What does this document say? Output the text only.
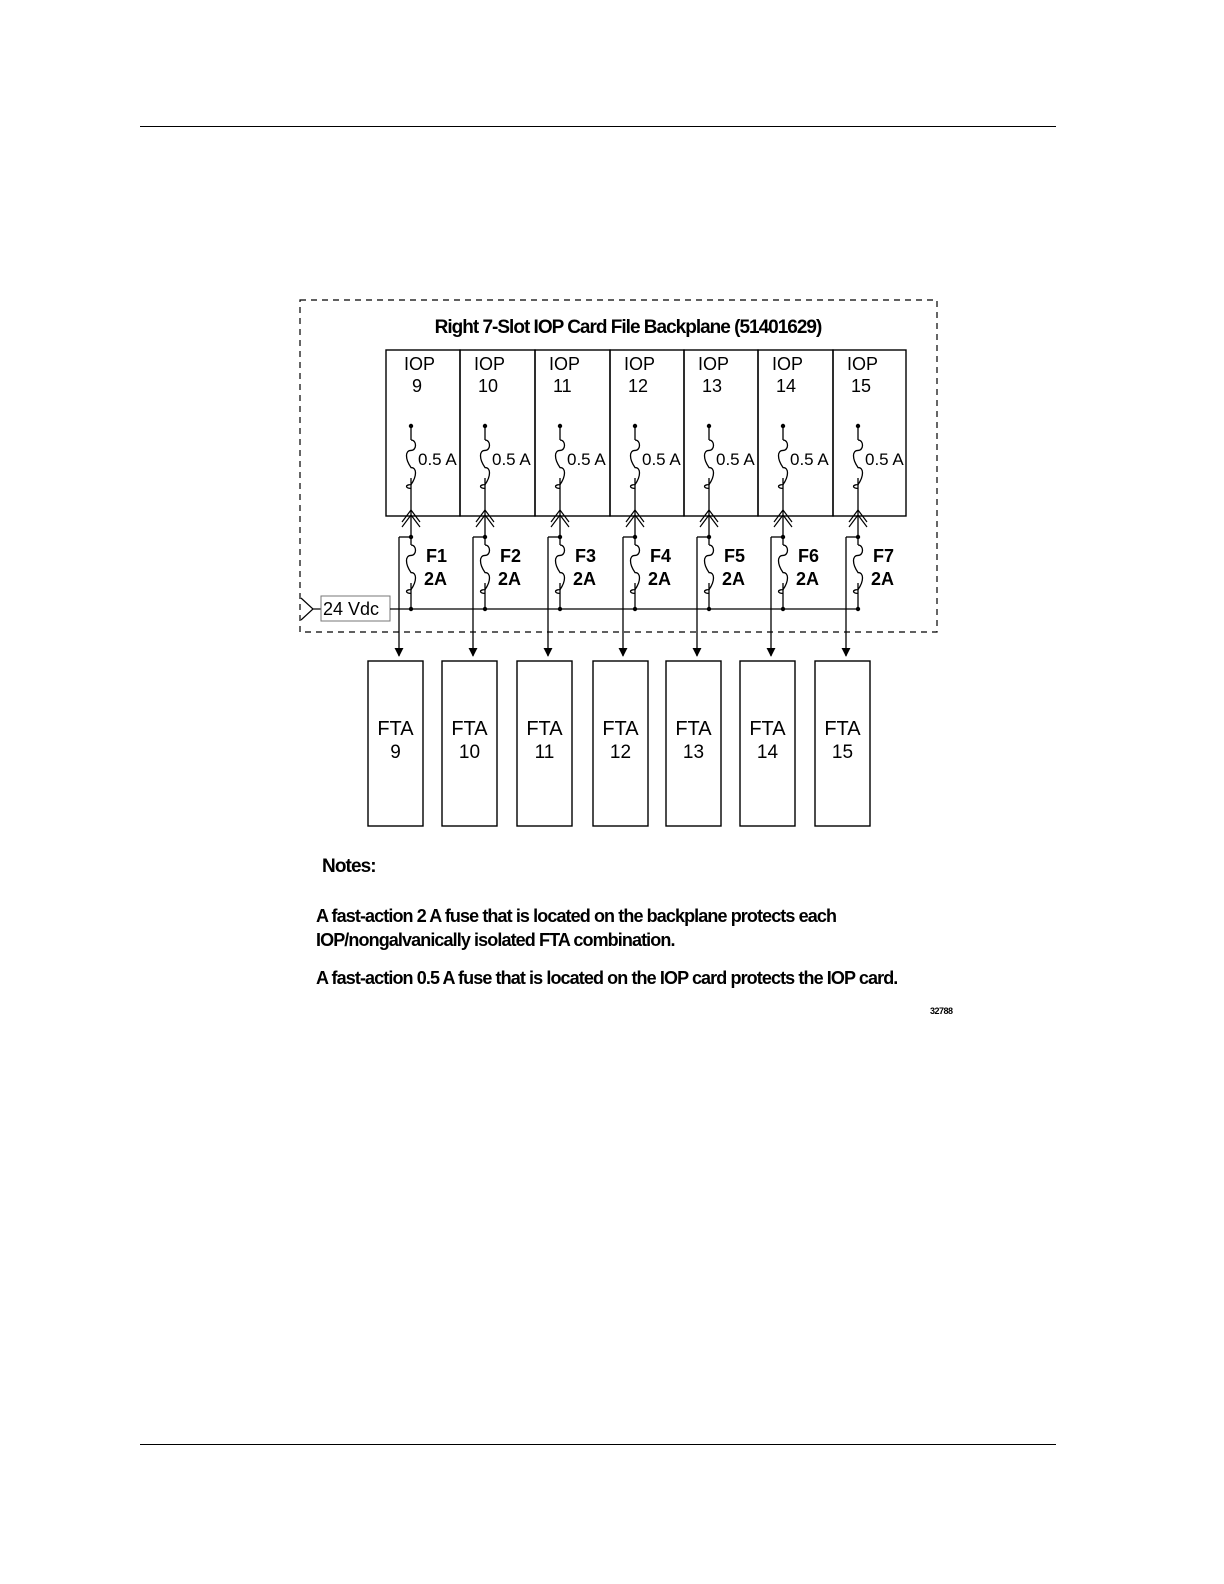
Right 7-Slot IOP Card File Backplane (51401629)
24 Vdc
IOP
9
0.5 A
F1
2A
FTA
9
IOP
10
0.5 A
F2
2A
FTA
10
IOP
11
0.5 A
F3
2A
FTA
11
IOP
12
0.5 A
F4
2A
FTA
12
IOP
13
0.5 A
F5
2A
FTA
13
IOP
14
0.5 A
F6
2A
FTA
14
IOP
15
0.5 A
F7
2A
FTA
15
Notes:

A fast-action 2 A fuse that is located on the backplane protects each IOP/nongalvanically isolated FTA combination.

A fast-action 0.5 A fuse that is located on the IOP card protects the IOP card.

32788
